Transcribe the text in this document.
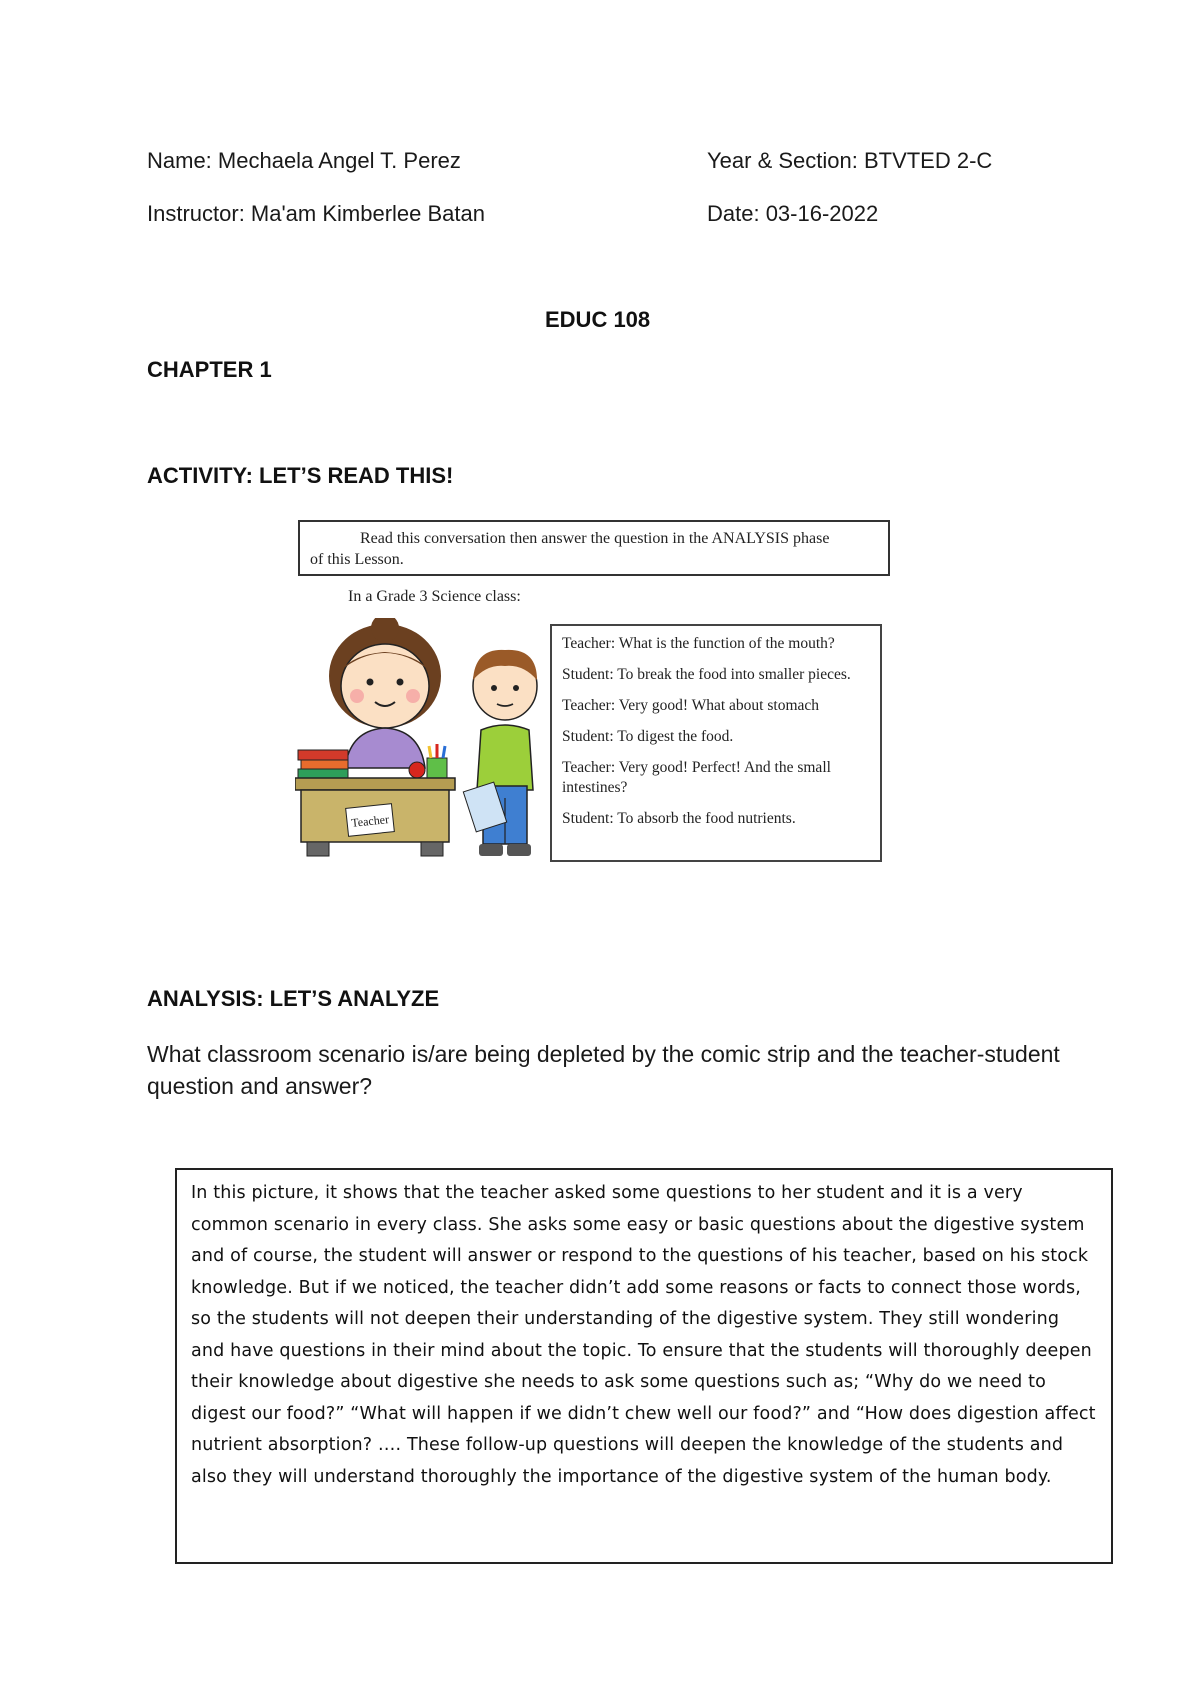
Name: Mechaela Angel T. Perez	Year & Section: BTVTED 2-C
Instructor: Ma'am Kimberlee Batan	Date: 03-16-2022
EDUC 108
CHAPTER 1
ACTIVITY: LET’S READ THIS!
Read this conversation then answer the question in the ANALYSIS phase
of this Lesson.
In a Grade 3 Science class:
Teacher
Teacher: What is the function of the mouth?
Student: To break the food into smaller pieces.
Teacher: Very good! What about stomach
Student: To digest the food.
Teacher: Very good! Perfect! And the small intestines?
Student: To absorb the food nutrients.
ANALYSIS: LET’S ANALYZE
What classroom scenario is/are being depleted by the comic strip and the teacher-student question and answer?
In this picture, it shows that the teacher asked some questions to her student and it is a very common scenario in every class. She asks some easy or basic questions about the digestive system and of course, the student will answer or respond to the questions of his teacher, based on his stock knowledge. But if we noticed, the teacher didn’t add some reasons or facts to connect those words, so the students will not deepen their understanding of the digestive system. They still wondering and have questions in their mind about the topic. To ensure that the students will thoroughly deepen their knowledge about digestive she needs to ask some questions such as; “Why do we need to digest our food?” “What will happen if we didn’t chew well our food?” and “How does digestion affect nutrient absorption? …. These follow-up questions will deepen the knowledge of the students and also they will understand thoroughly the importance of the digestive system of the human body.
